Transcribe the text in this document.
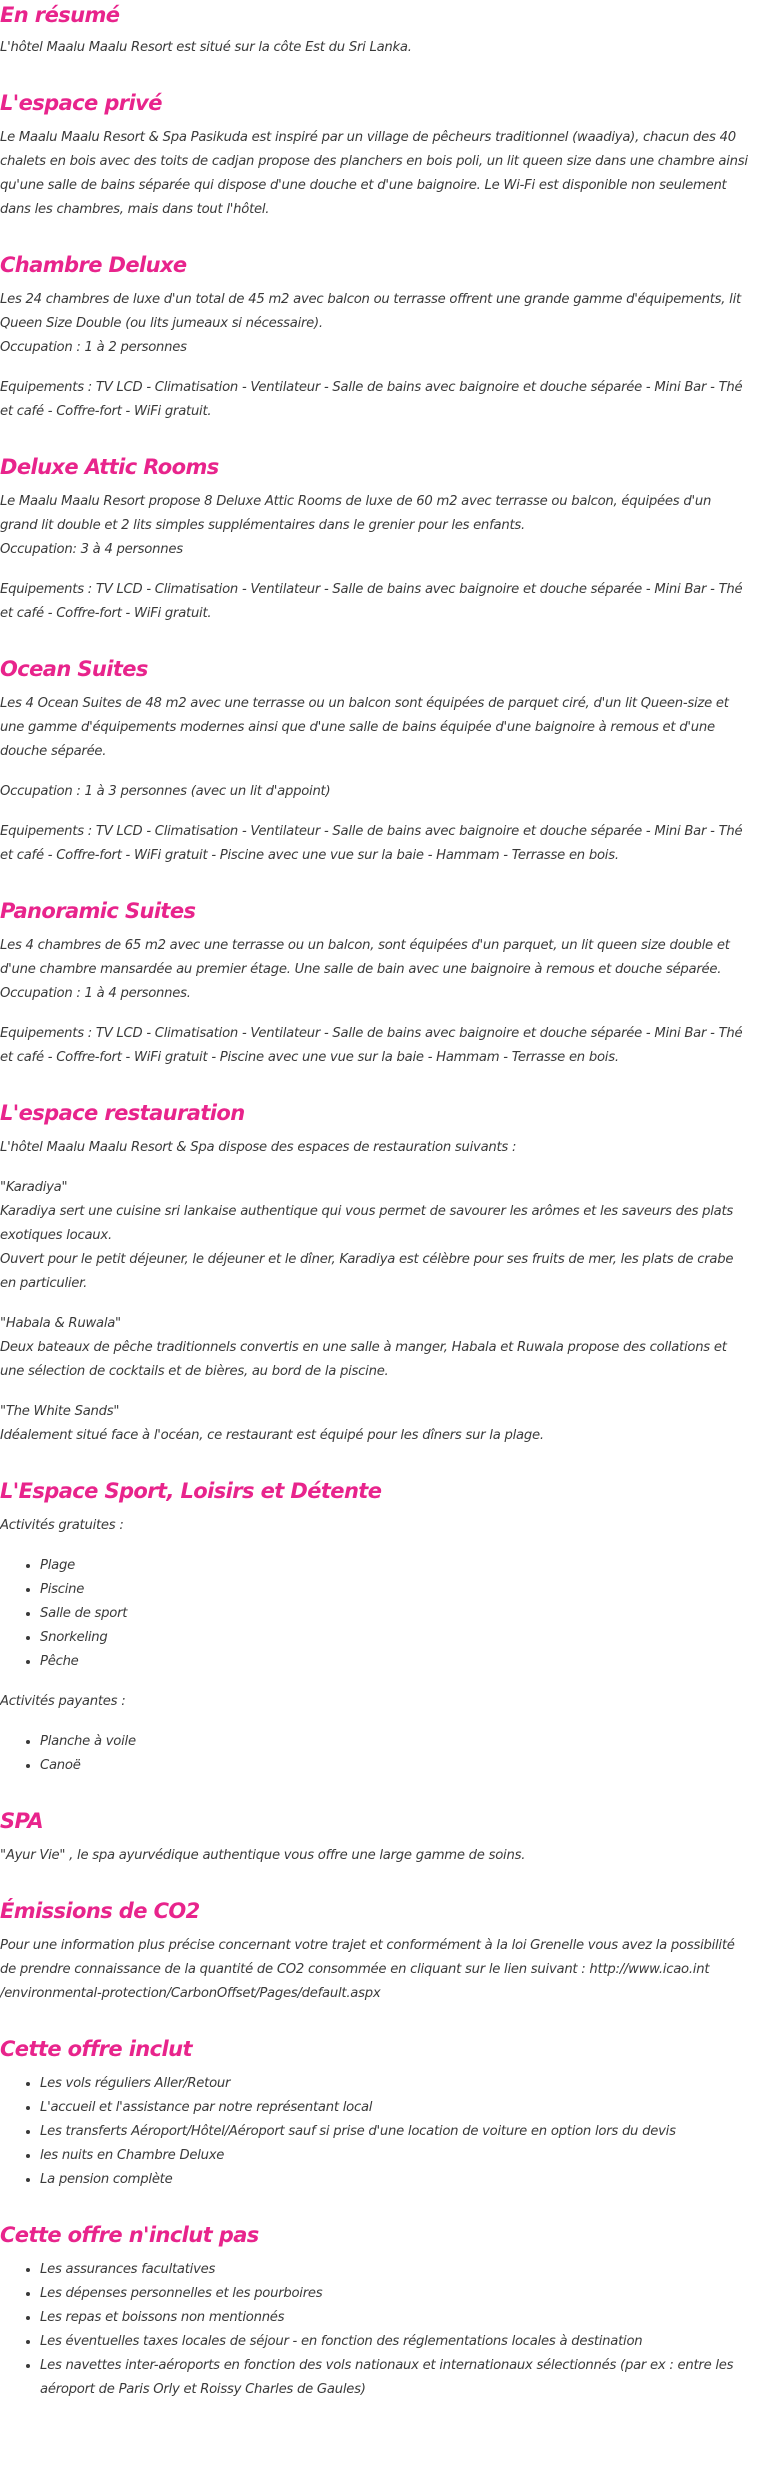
En résumé

L'hôtel Maalu Maalu Resort est situé sur la côte Est du Sri Lanka.

L'espace privé

Le Maalu Maalu Resort & Spa Pasikuda est inspiré par un village de pêcheurs traditionnel (waadiya), chacun des 40 chalets en bois avec des toits de cadjan propose des planchers en bois poli, un lit queen size dans une chambre ainsi qu'une salle de bains séparée qui dispose d'une douche et d'une baignoire. Le Wi-Fi est disponible non seulement dans les chambres, mais dans tout l'hôtel.

Chambre Deluxe

Les 24 chambres de luxe d'un total de 45 m2 avec balcon ou terrasse offrent une grande gamme d'équipements, lit Queen Size Double (ou lits jumeaux si nécessaire).

Occupation : 1 à 2 personnes

Equipements : TV LCD - Climatisation - Ventilateur - Salle de bains avec baignoire et douche séparée - Mini Bar - Thé et café - Coffre-fort - WiFi gratuit.

Deluxe Attic Rooms

Le Maalu Maalu Resort propose 8 Deluxe Attic Rooms de luxe de 60 m2 avec terrasse ou balcon, équipées d'un grand lit double et 2 lits simples supplémentaires dans le grenier pour les enfants.

Occupation: 3 à 4 personnes

Equipements : TV LCD - Climatisation - Ventilateur - Salle de bains avec baignoire et douche séparée - Mini Bar - Thé et café - Coffre-fort - WiFi gratuit.

Ocean Suites

Les 4 Ocean Suites de 48 m2 avec une terrasse ou un balcon sont équipées de parquet ciré, d'un lit Queen-size et une gamme d'équipements modernes ainsi que d'une salle de bains équipée d'une baignoire à remous et d'une douche séparée.

Occupation : 1 à 3 personnes (avec un lit d'appoint)

Equipements : TV LCD - Climatisation - Ventilateur - Salle de bains avec baignoire et douche séparée - Mini Bar - Thé et café - Coffre-fort - WiFi gratuit - Piscine avec une vue sur la baie - Hammam - Terrasse en bois.

Panoramic Suites

Les 4 chambres de 65 m2 avec une terrasse ou un balcon, sont équipées d'un parquet, un lit queen size double et d'une chambre mansardée au premier étage. Une salle de bain avec une baignoire à remous et douche séparée.

Occupation : 1 à 4 personnes.

Equipements : TV LCD - Climatisation - Ventilateur - Salle de bains avec baignoire et douche séparée - Mini Bar - Thé et café - Coffre-fort - WiFi gratuit - Piscine avec une vue sur la baie - Hammam - Terrasse en bois.

L'espace restauration

L'hôtel Maalu Maalu Resort & Spa dispose des espaces de restauration suivants :

"Karadiya"

Karadiya sert une cuisine sri lankaise authentique qui vous permet de savourer les arômes et les saveurs des plats exotiques locaux.

Ouvert pour le petit déjeuner, le déjeuner et le dîner, Karadiya est célèbre pour ses fruits de mer, les plats de crabe en particulier.

"Habala & Ruwala"

Deux bateaux de pêche traditionnels convertis en une salle à manger, Habala et Ruwala propose des collations et une sélection de cocktails et de bières, au bord de la piscine.

"The White Sands"

Idéalement situé face à l'océan, ce restaurant est équipé pour les dîners sur la plage.

L'Espace Sport, Loisirs et Détente

Activités gratuites :

• Plage
• Piscine
• Salle de sport
• Snorkeling
• Pêche

Activités payantes :

• Planche à voile
• Canoë
SPA

"Ayur Vie" , le spa ayurvédique authentique vous offre une large gamme de soins.

Émissions de CO2

Pour une information plus précise concernant votre trajet et conformément à la loi Grenelle vous avez la possibilité de prendre connaissance de la quantité de CO2 consommée en cliquant sur le lien suivant : http://www.icao.int /environmental-protection/CarbonOffset/Pages/default.aspx

Cette offre inclut
• Les vols réguliers Aller/Retour
• L'accueil et l'assistance par notre représentant local
• Les transferts Aéroport/Hôtel/Aéroport sauf si prise d'une location de voiture en option lors du devis
• les nuits en Chambre Deluxe
• La pension complète
Cette offre n'inclut pas
• Les assurances facultatives
• Les dépenses personnelles et les pourboires
• Les repas et boissons non mentionnés
• Les éventuelles taxes locales de séjour - en fonction des réglementations locales à destination
• Les navettes inter-aéroports en fonction des vols nationaux et internationaux sélectionnés (par ex : entre les aéroport de Paris Orly et Roissy Charles de Gaules)
